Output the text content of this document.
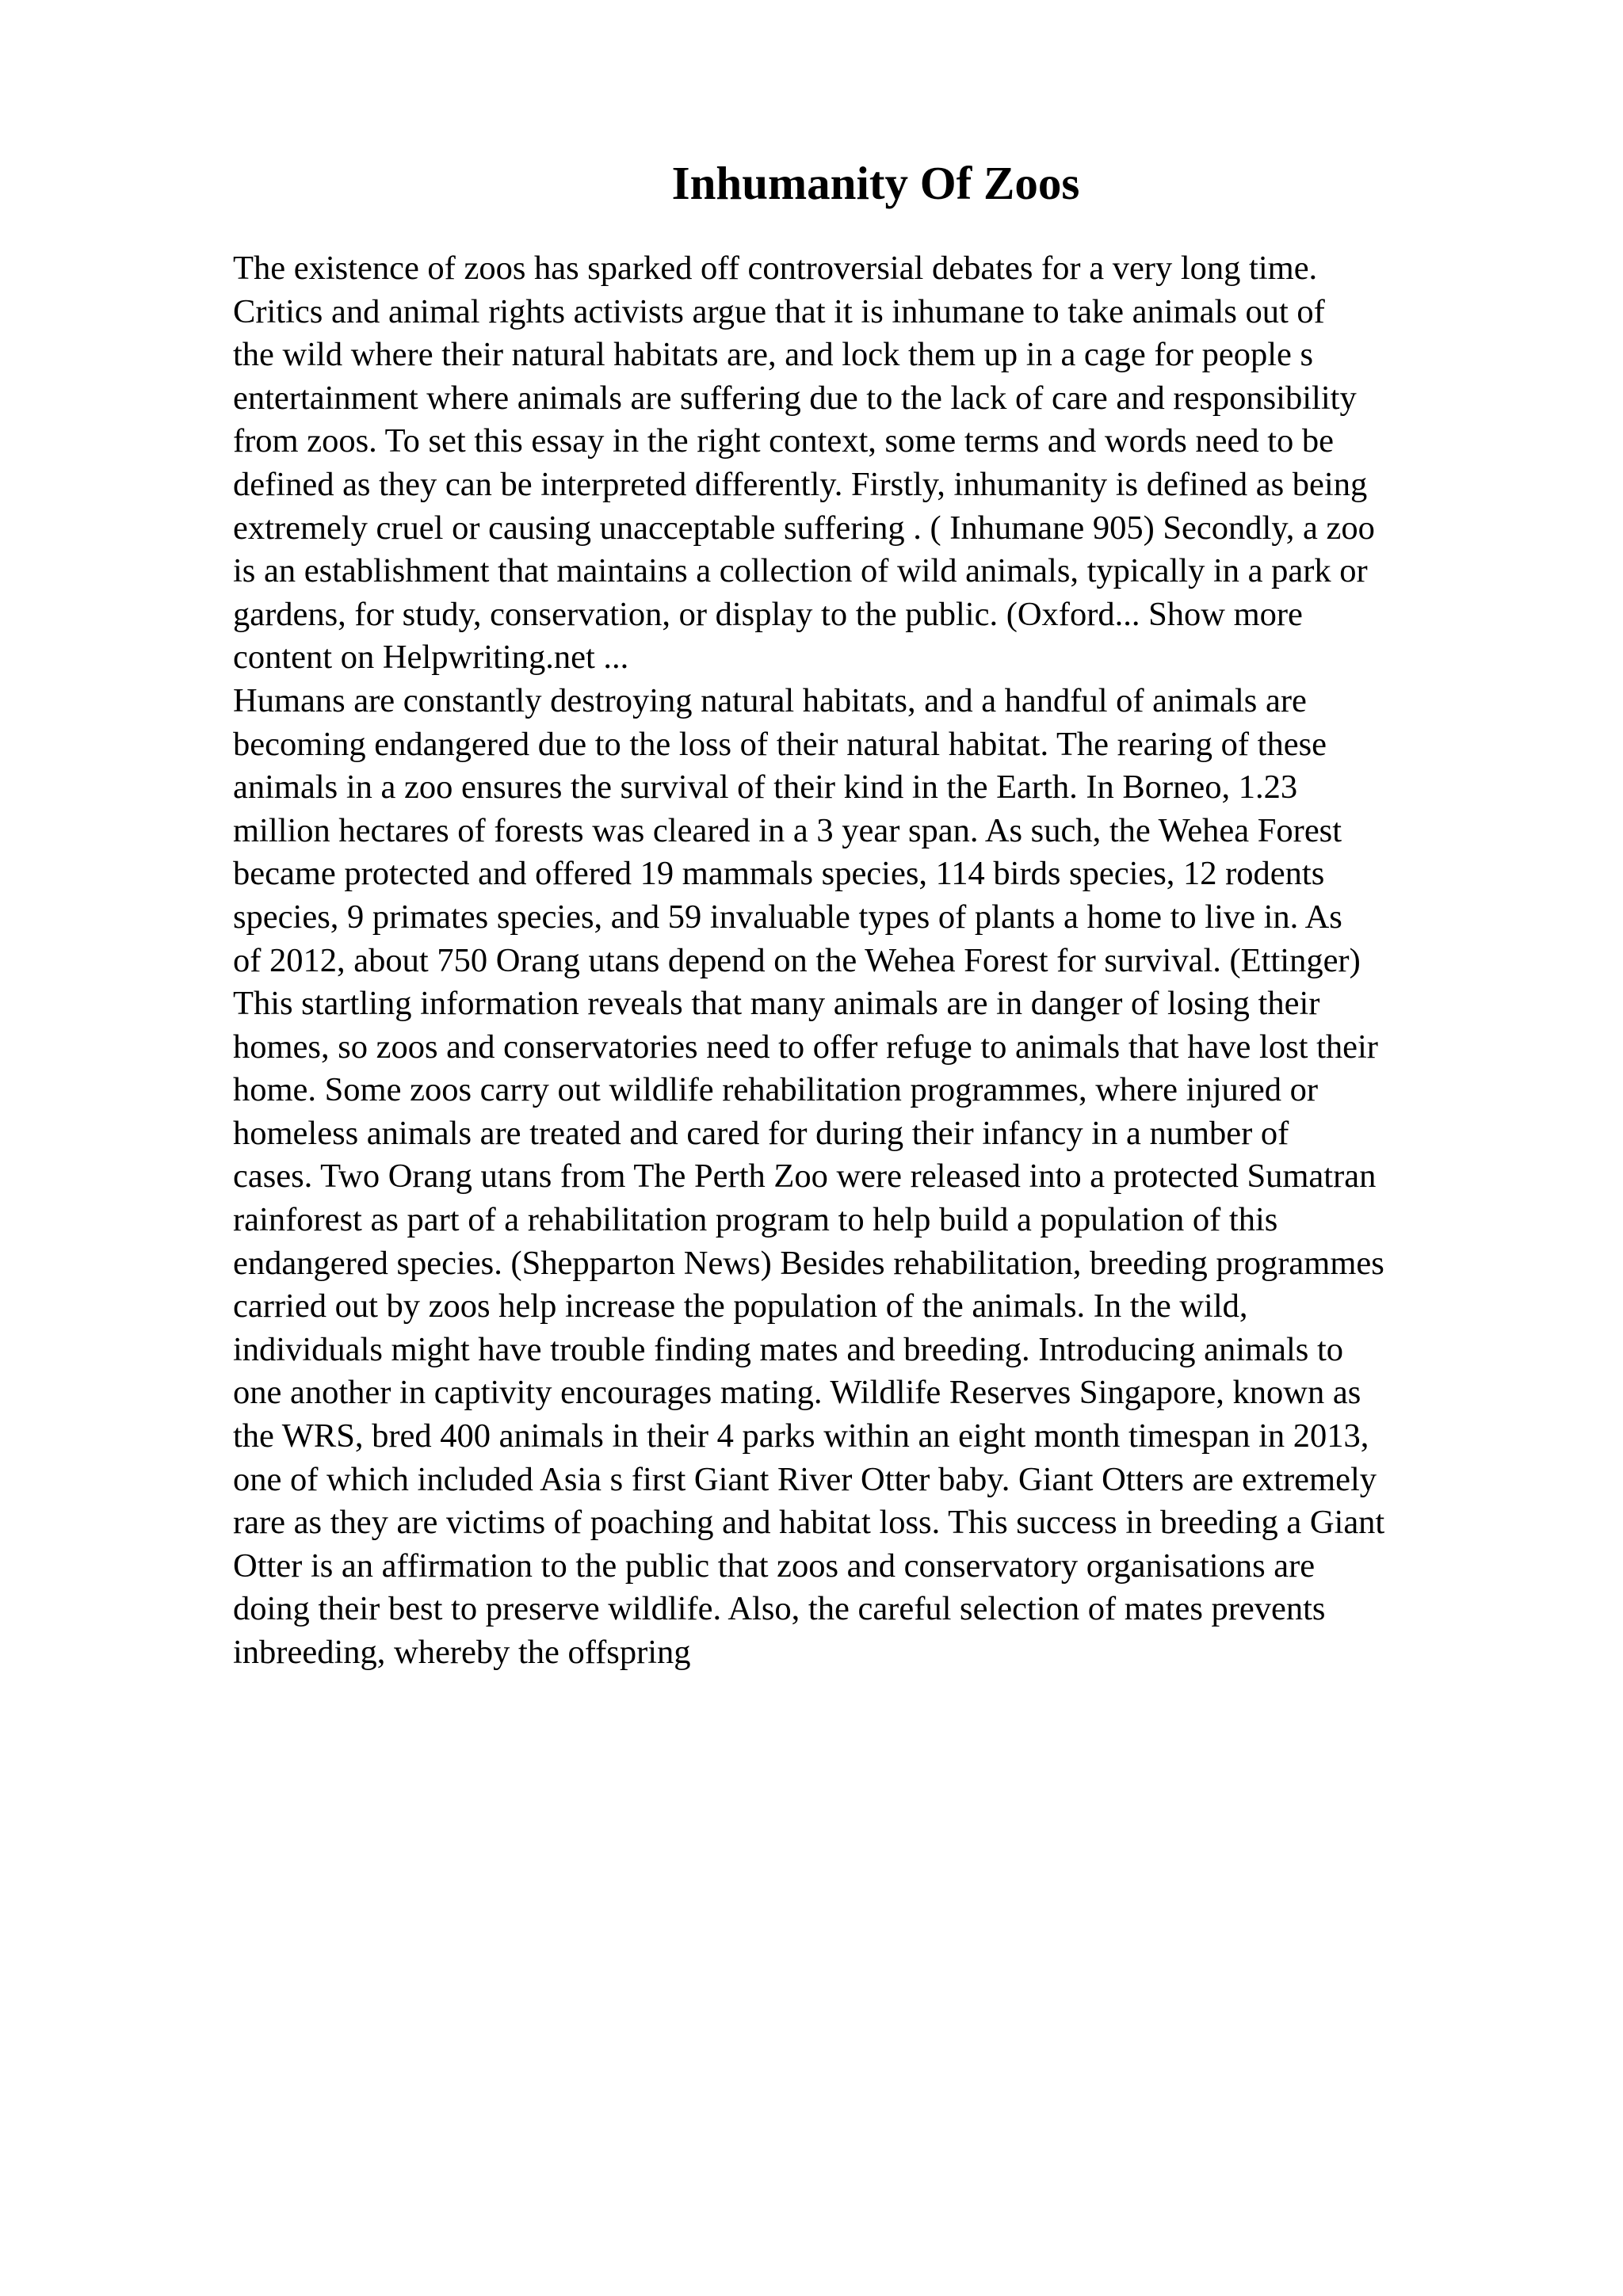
Inhumanity Of Zoos
The existence of zoos has sparked off controversial debates for a very long time.
Critics and animal rights activists argue that it is inhumane to take animals out of
the wild where their natural habitats are, and lock them up in a cage for people s
entertainment where animals are suffering due to the lack of care and responsibility
from zoos. To set this essay in the right context, some terms and words need to be
defined as they can be interpreted differently. Firstly, inhumanity is defined as being
extremely cruel or causing unacceptable suffering . ( Inhumane 905) Secondly, a zoo
is an establishment that maintains a collection of wild animals, typically in a park or
gardens, for study, conservation, or display to the public. (Oxford... Show more
content on Helpwriting.net ...
Humans are constantly destroying natural habitats, and a handful of animals are
becoming endangered due to the loss of their natural habitat. The rearing of these
animals in a zoo ensures the survival of their kind in the Earth. In Borneo, 1.23
million hectares of forests was cleared in a 3 year span. As such, the Wehea Forest
became protected and offered 19 mammals species, 114 birds species, 12 rodents
species, 9 primates species, and 59 invaluable types of plants a home to live in. As
of 2012, about 750 Orang utans depend on the Wehea Forest for survival. (Ettinger)
This startling information reveals that many animals are in danger of losing their
homes, so zoos and conservatories need to offer refuge to animals that have lost their
home. Some zoos carry out wildlife rehabilitation programmes, where injured or
homeless animals are treated and cared for during their infancy in a number of
cases. Two Orang utans from The Perth Zoo were released into a protected Sumatran
rainforest as part of a rehabilitation program to help build a population of this
endangered species. (Shepparton News) Besides rehabilitation, breeding programmes
carried out by zoos help increase the population of the animals. In the wild,
individuals might have trouble finding mates and breeding. Introducing animals to
one another in captivity encourages mating. Wildlife Reserves Singapore, known as
the WRS, bred 400 animals in their 4 parks within an eight month timespan in 2013,
one of which included Asia s first Giant River Otter baby. Giant Otters are extremely
rare as they are victims of poaching and habitat loss. This success in breeding a Giant
Otter is an affirmation to the public that zoos and conservatory organisations are
doing their best to preserve wildlife. Also, the careful selection of mates prevents
inbreeding, whereby the offspring
